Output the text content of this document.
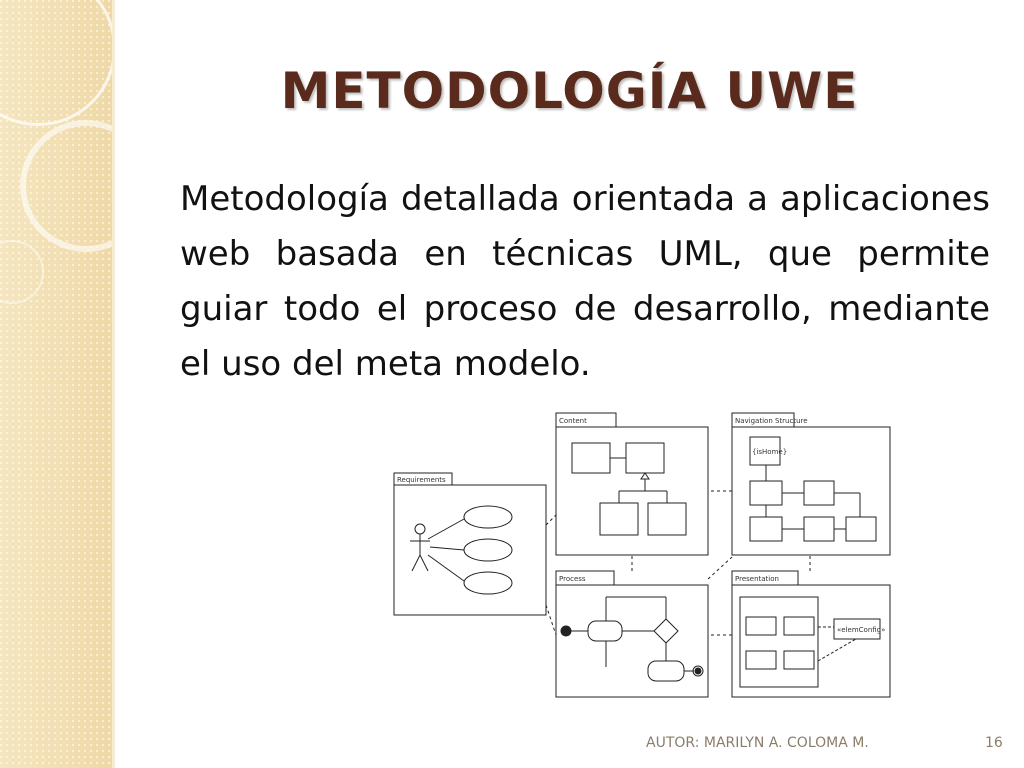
METODOLOGÍA UWE

Metodología detallada orientada a aplicaciones web basada en técnicas UML, que permite guiar todo el proceso de desarrollo, mediante el uso del meta modelo.

Requirements
Content	Navigation Structure
Process	Presentation
{isHome}
«elemConfig»
AUTOR: MARILYN A. COLOMA M.	16
